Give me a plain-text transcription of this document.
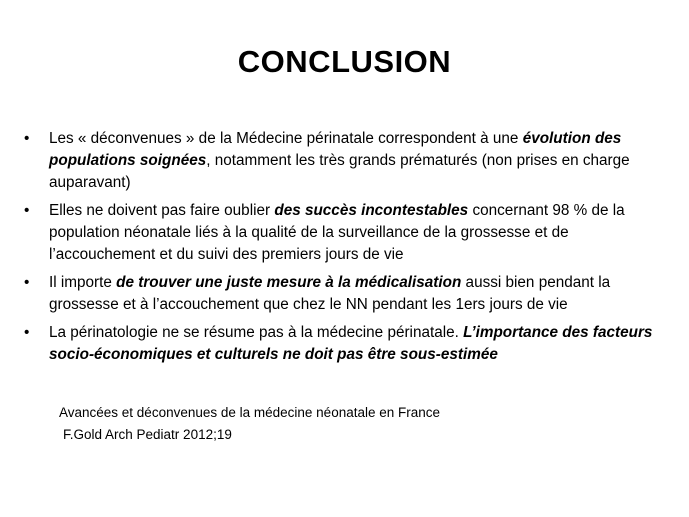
CONCLUSION
• Les « déconvenues » de la Médecine périnatale correspondent à une évolution des populations soignées, notamment les très grands prématurés (non prises en charge auparavant)
• Elles ne doivent pas faire oublier des succès incontestables concernant 98 % de la population néonatale liés à la qualité de la surveillance de la grossesse et de l’accouchement et du suivi des premiers jours de vie
• Il importe de trouver une juste mesure à la médicalisation aussi bien pendant la grossesse et à l’accouchement que chez le NN pendant les 1ers jours de vie
• La périnatologie ne se résume pas à la médecine périnatale. L’importance des facteurs socio-économiques et culturels ne doit pas être sous-estimée
Avancées et déconvenues de la médecine néonatale en France
F.Gold Arch Pediatr 2012;19
